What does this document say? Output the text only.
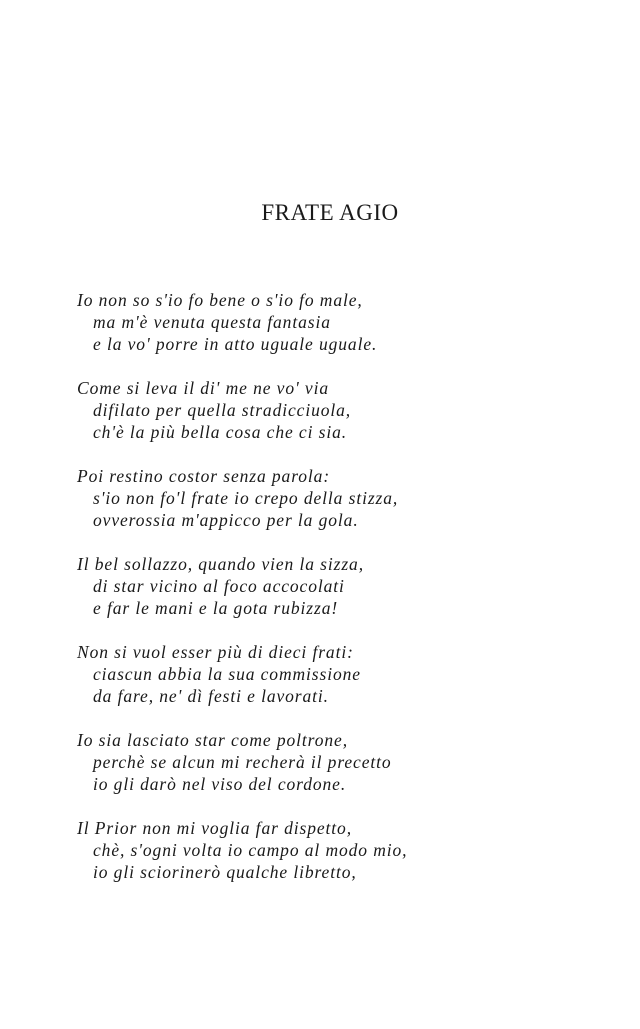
FRATE AGIO
Io non so s'io fo bene o s'io fo male,
ma m'è venuta questa fantasia
e la vo' porre in atto uguale uguale.
Come si leva il di' me ne vo' via
difilato per quella stradicciuola,
ch'è la più bella cosa che ci sia.
Poi restino costor senza parola:
s'io non fo'l frate io crepo della stizza,
ovverossia m'appicco per la gola.
Il bel sollazzo, quando vien la sizza,
di star vicino al foco accocolati
e far le mani e la gota rubizza!
Non si vuol esser più di dieci frati:
ciascun abbia la sua commissione
da fare, ne' dì festi e lavorati.
Io sia lasciato star come poltrone,
perchè se alcun mi recherà il precetto
io gli darò nel viso del cordone.
Il Prior non mi voglia far dispetto,
chè, s'ogni volta io campo al modo mio,
io gli sciorinerò qualche libretto,
